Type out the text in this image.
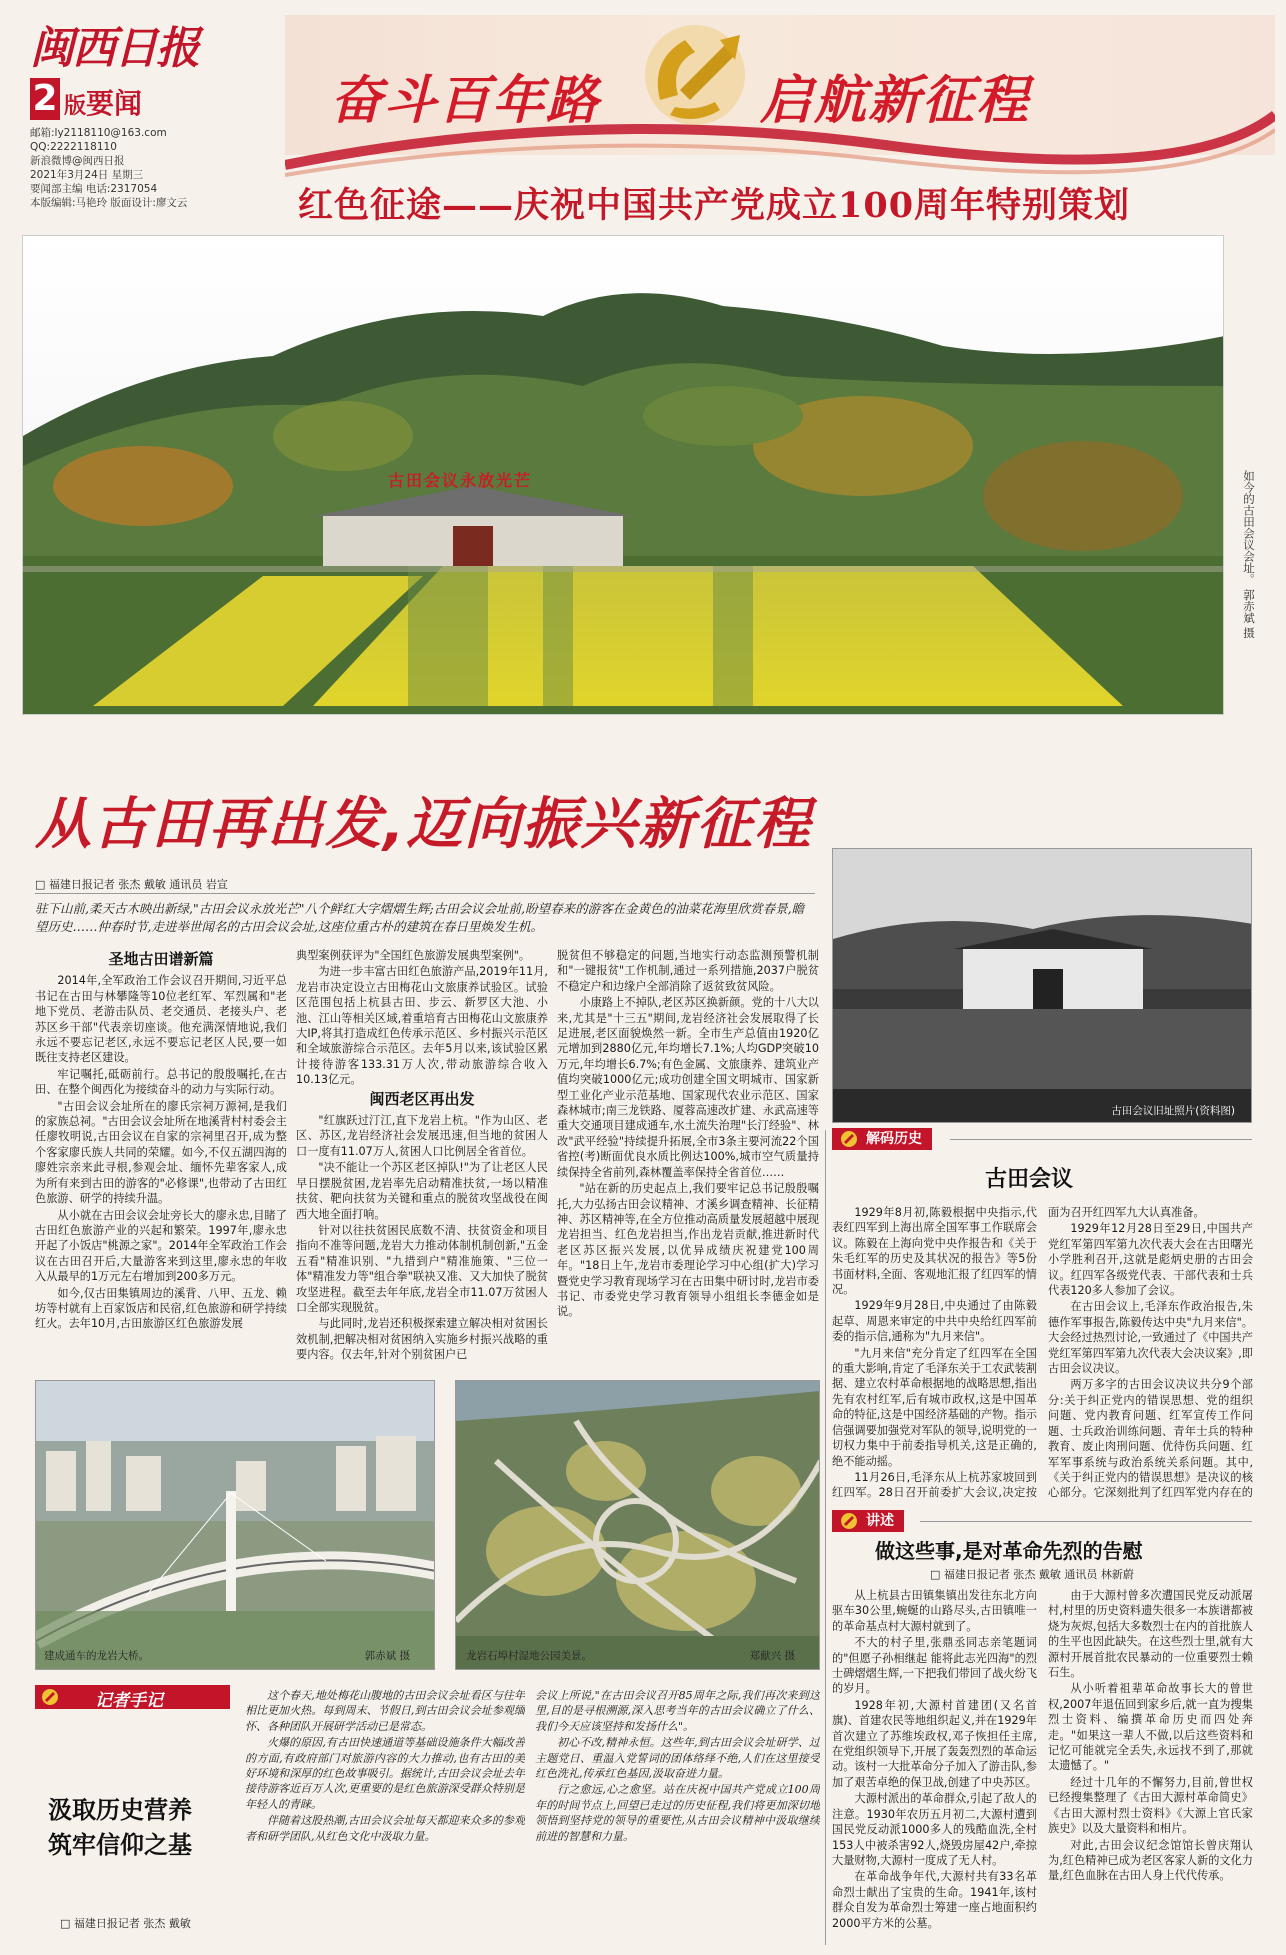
闽西日报
2 版要闻
邮箱:ly2118110@163.com
QQ:2222118110
新浪微博@闽西日报
2021年3月24日 星期三
要闻部主编 电话:2317054
本版编辑:马艳玲 版面设计:廖文云
奋斗百年路	启航新征程
红色征途——庆祝中国共产党成立100周年特别策划
古田会议永放光芒	如今的古田会议会址。 郭赤斌 摄
从古田再出发,迈向振兴新征程
□ 福建日报记者 张杰 戴敏 通讯员 岩宣
驻下山前,柔天古木映出新绿,"古田会议永放光芒"八个鲜红大字熠熠生辉;古田会议会址前,盼望春来的游客在金黄色的油菜花海里欣赏春景,瞻望历史……仲春时节,走进举世闻名的古田会议会址,这座位重古朴的建筑在春日里焕发生机。
圣地古田谱新篇

2014年,全军政治工作会议召开期间,习近平总书记在古田与林攀隆等10位老红军、军烈属和"老地下党员、老游击队员、老交通员、老接头户、老苏区乡干部"代表亲切座谈。他充满深情地说,我们永远不要忘记老区,永远不要忘记老区人民,要一如既往支持老区建设。

牢记嘱托,砥砺前行。总书记的殷殷嘱托,在古田、在整个闽西化为接续奋斗的动力与实际行动。

"古田会议会址所在的廖氏宗祠万源祠,是我们的家族总祠。"古田会议会址所在地溪背村村委会主任廖牧明说,古田会议在自家的宗祠里召开,成为整个客家廖氏族人共同的荣耀。如今,不仅五湖四海的廖姓宗亲来此寻根,参观会址、缅怀先辈客家人,成为所有来到古田的游客的"必修课",也带动了古田红色旅游、研学的持续升温。

从小就在古田会议会址旁长大的廖永忠,目睹了古田红色旅游产业的兴起和繁荣。1997年,廖永忠开起了小饭店"桃源之家"。2014年全军政治工作会议在古田召开后,大量游客来到这里,廖永忠的年收入从最早的1万元左右增加到200多万元。

如今,仅古田集镇周边的溪背、八甲、五龙、赖坊等村就有上百家饭店和民宿,红色旅游和研学持续红火。去年10月,古田旅游区红色旅游发展

典型案例获评为"全国红色旅游发展典型案例"。

为进一步丰富古田红色旅游产品,2019年11月,龙岩市决定设立古田梅花山文旅康养试验区。试验区范围包括上杭县古田、步云、新罗区大池、小池、江山等相关区域,着重培育古田梅花山文旅康养大IP,将其打造成红色传承示范区、乡村振兴示范区和全域旅游综合示范区。去年5月以来,该试验区累计接待游客133.31万人次,带动旅游综合收入10.13亿元。

闽西老区再出发

"红旗跃过汀江,直下龙岩上杭。"作为山区、老区、苏区,龙岩经济社会发展迅速,但当地的贫困人口一度有11.07万人,贫困人口比例居全省首位。

"决不能让一个苏区老区掉队!"为了让老区人民早日摆脱贫困,龙岩率先启动精准扶贫,一场以精准扶贫、靶向扶贫为关键和重点的脱贫攻坚战役在闽西大地全面打响。

针对以往扶贫困民底数不清、扶贫资金和项目指向不准等问题,龙岩大力推动体制机制创新,"五金五看"精准识别、"九措到户"精准施策、"三位一体"精准发力等"组合拳"联袂又准、又大加快了脱贫攻坚进程。截至去年年底,龙岩全市11.07万贫困人口全部实现脱贫。

与此同时,龙岩还积极探索建立解决相对贫困长效机制,把解决相对贫困纳入实施乡村振兴战略的重要内容。仅去年,针对个别贫困户已

脱贫但不够稳定的问题,当地实行动态监测预警机制和"一键报贫"工作机制,通过一系列措施,2037户脱贫不稳定户和边缘户全部消除了返贫致贫风险。

小康路上不掉队,老区苏区换新颜。党的十八大以来,尤其是"十三五"期间,龙岩经济社会发展取得了长足进展,老区面貌焕然一新。全市生产总值由1920亿元增加到2880亿元,年均增长7.1%;人均GDP突破10万元,年均增长6.7%;有色金属、文旅康养、建筑业产值均突破1000亿元;成功创建全国文明城市、国家新型工业化产业示范基地、国家现代农业示范区、国家森林城市;南三龙铁路、厦蓉高速改扩建、永武高速等重大交通项目建成通车,水土流失治理"长汀经验"、林改"武平经验"持续提升拓展,全市3条主要河流22个国省控(考)断面优良水质比例达100%,城市空气质量持续保持全省前列,森林覆盖率保持全省首位……

"站在新的历史起点上,我们要牢记总书记殷殷嘱托,大力弘扬古田会议精神、才溪乡调查精神、长征精神、苏区精神等,在全方位推动高质量发展超越中展现龙岩担当、红色龙岩担当,作出龙岩贡献,推进新时代老区苏区振兴发展,以优异成绩庆祝建党100周年。"18日上午,龙岩市委理论学习中心组(扩大)学习暨党史学习教育现场学习在古田集中研讨时,龙岩市委书记、市委党史学习教育领导小组组长李德金如是说。

建成通车的龙岩大桥。	郭赤斌 摄	龙岩石埠村湿地公园美景。	郑献兴 摄
古田会议旧址照片(资料图)
解码历史
古田会议

1929年8月初,陈毅根据中央指示,代表红四军到上海出席全国军事工作联席会议。陈毅在上海向党中央作报告和《关于朱毛红军的历史及其状况的报告》等5份书面材料,全面、客观地汇报了红四军的情况。

1929年9月28日,中央通过了由陈毅起草、周恩来审定的中共中央给红四军前委的指示信,通称为"九月来信"。

"九月来信"充分肯定了红四军在全国的重大影响,肯定了毛泽东关于工农武装割据、建立农村革命根据地的战略思想,指出先有农村红军,后有城市政权,这是中国革命的特征,这是中国经济基础的产物。指示信强调要加强党对军队的领导,说明党的一切权力集中于前委指导机关,这是正确的,绝不能动摇。

11月26日,毛泽东从上杭苏家坡回到红四军。28日召开前委扩大会议,决定按

面为召开红四军九大认真准备。

1929年12月28日至29日,中国共产党红军第四军第九次代表大会在古田曙光小学胜利召开,这就是彪炳史册的古田会议。红四军各级党代表、干部代表和士兵代表120多人参加了会议。

在古田会议上,毛泽东作政治报告,朱德作军事报告,陈毅传达中央"九月来信"。大会经过热烈讨论,一致通过了《中国共产党红军第四军第九次代表大会决议案》,即古田会议决议。

两万多字的古田会议决议共分9个部分:关于纠正党内的错误思想、党的组织问题、党内教育问题、红军宣传工作问题、士兵政治训练问题、青年士兵的特种教育、废止肉刑问题、优待伤兵问题、红军军事系统与政治系统关系问题。其中,《关于纠正党内的错误思想》是决议的核心部分。它深刻批判了红四军党内存在的

讲述
做这些事,是对革命先烈的告慰
□ 福建日报记者 张杰 戴敏 通讯员 林新蔚

从上杭县古田镇集镇出发往东北方向驱车30公里,蜿蜒的山路尽头,古田镇唯一的革命基点村大源村就到了。

不大的村子里,张鼎丞同志亲笔题词的"但愿子孙相继起 能将此志光四海"的烈士碑熠熠生辉,一下把我们带回了战火纷飞的岁月。

1928年初,大源村首建团(又名首旗)、首建农民等地组织起义,并在1929年首次建立了苏维埃政权,邓子恢担任主席,在党组织领导下,开展了轰轰烈烈的革命运动。该村一大批革命分子加入了游击队,参加了艰苦卓绝的保卫战,创建了中央苏区。

大源村派出的革命群众,引起了敌人的注意。1930年农历五月初二,大源村遭到国民党反动派1000多人的残酷血洗,全村153人中被杀害92人,烧毁房屋42户,牵掠大量财物,大源村一度成了无人村。

在革命战争年代,大源村共有33名革命烈士献出了宝贵的生命。1941年,该村群众自发为革命烈士筹建一座占地面积约2000平方米的公墓。

由于大源村曾多次遭国民党反动派屠村,村里的历史资料遗失很多一本族谱都被烧为灰烬,包括大多数烈士在内的首批族人的生平也因此缺失。在这些烈士里,就有大源村开展首批农民暴动的一位重要烈士赖石生。

从小听着祖辈革命故事长大的曾世权,2007年退伍回到家乡后,就一直为搜集烈士资料、编撰革命历史而四处奔走。"如果这一辈人不做,以后这些资料和记忆可能就完全丢失,永远找不到了,那就太遗憾了。"

经过十几年的不懈努力,目前,曾世权已经搜集整理了《古田大源村革命简史》《古田大源村烈士资料》《大源上官氏家族史》以及大量资料和相片。

对此,古田会议纪念馆馆长曾庆翔认为,红色精神已成为老区客家人新的文化力量,红色血脉在古田人身上代代传承。

记者手记
汲取历史营养
筑牢信仰之基
□ 福建日报记者 张杰 戴敏

这个春天,地处梅花山腹地的古田会议会址看区与往年相比更加火热。每到周末、节假日,到古田会议会址参观缅怀、各种团队开展研学活动已是常态。

火爆的原因,有古田快速通道等基础设施条件大幅改善的方面,有政府部门对旅游内容的大力推动,也有古田的美好环境和深厚的红色故事吸引。据统计,古田会议会址去年接待游客近百万人次,更重要的是红色旅游深受群众特别是年轻人的青睐。

伴随着这股热潮,古田会议会址每天都迎来众多的参观者和研学团队,从红色文化中汲取力量。

会议上所说,"在古田会议召开85周年之际,我们再次来到这里,目的是寻根溯源,深入思考当年的古田会议确立了什么、我们今天应该坚持和发扬什么"。

初心不改,精神永恒。这些年,到古田会议会址研学、过主题党日、重温入党誓词的团体络绎不绝,人们在这里接受红色洗礼,传承红色基因,汲取奋进力量。

行之愈远,心之愈坚。站在庆祝中国共产党成立100周年的时间节点上,回望已走过的历史征程,我们将更加深切地领悟到坚持党的领导的重要性,从古田会议精神中汲取继续前进的智慧和力量。
